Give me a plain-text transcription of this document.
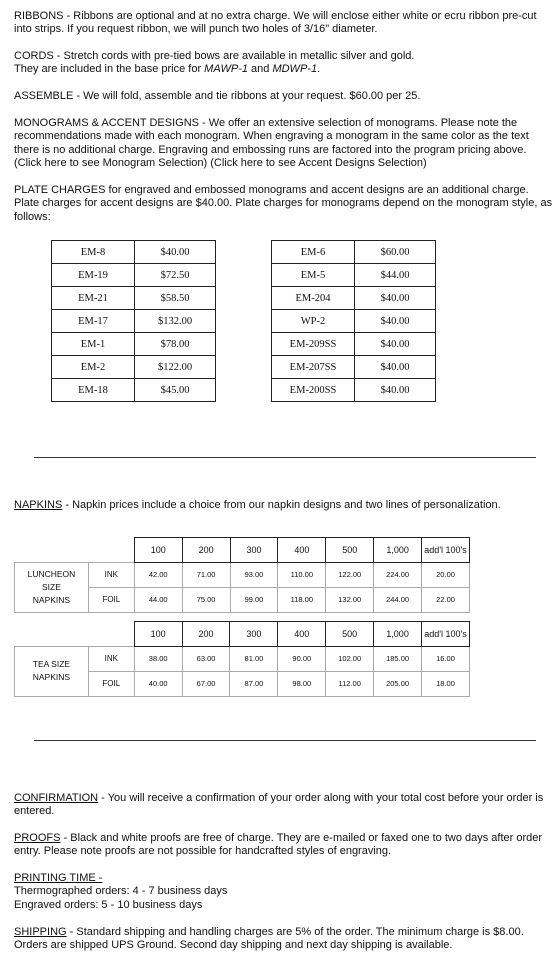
RIBBONS - Ribbons are optional and at no extra charge. We will enclose either white or ecru ribbon pre-cut into strips. If you request ribbon, we will punch two holes of 3/16" diameter.

CORDS - Stretch cords with pre-tied bows are available in metallic silver and gold.

They are included in the base price for MAWP-1 and MDWP-1.

ASSEMBLE - We will fold, assemble and tie ribbons at your request. $60.00 per 25.

MONOGRAMS & ACCENT DESIGNS - We offer an extensive selection of monograms. Please note the recommendations made with each monogram. When engraving a monogram in the same color as the text there is no additional charge. Engraving and embossing runs are factored into the program pricing above. (Click here to see Monogram Selection) (Click here to see Accent Designs Selection)

PLATE CHARGES for engraved and embossed monograms and accent designs are an additional charge. Plate charges for accent designs are $40.00. Plate charges for monograms depend on the monogram style, as follows:

EM-8	$40.00
EM-19	$72.50
EM-21	$58.50
EM-17	$132.00
EM-1	$78.00
EM-2	$122.00
EM-18	$45.00
EM-6	$60.00
EM-5	$44.00
EM-204	$40.00
WP-2	$40.00
EM-209SS	$40.00
EM-207SS	$40.00
EM-200SS	$40.00

NAPKINS - Napkin prices include a choice from our napkin designs and two lines of personalization.

		100	200	300	400	500	1,000	add'l 100's

LUNCHEON
SIZE
NAPKINS	INK	42.00	71.00	93.00	110.00	122.00	224.00	20.00
	FOIL	44.00	75.00	99.00	118.00	132.00	244.00	22.00
		100	200	300	400	500	1,000	add'l 100's

TEA SIZE
NAPKINS	INK	38.00	63.00	81.00	90.00	102.00	185.00	16.00
	FOIL	40.00	67.00	87.00	98.00	112.00	205.00	18.00

CONFIRMATION - You will receive a confirmation of your order along with your total cost before your order is entered.

PROOFS - Black and white proofs are free of charge. They are e-mailed or faxed one to two days after order entry. Please note proofs are not possible for handcrafted styles of engraving.

PRINTING TIME -

Thermographed orders: 4 - 7 business days

Engraved orders: 5 - 10 business days

SHIPPING - Standard shipping and handling charges are 5% of the order. The minimum charge is $8.00. Orders are shipped UPS Ground. Second day shipping and next day shipping is available.
